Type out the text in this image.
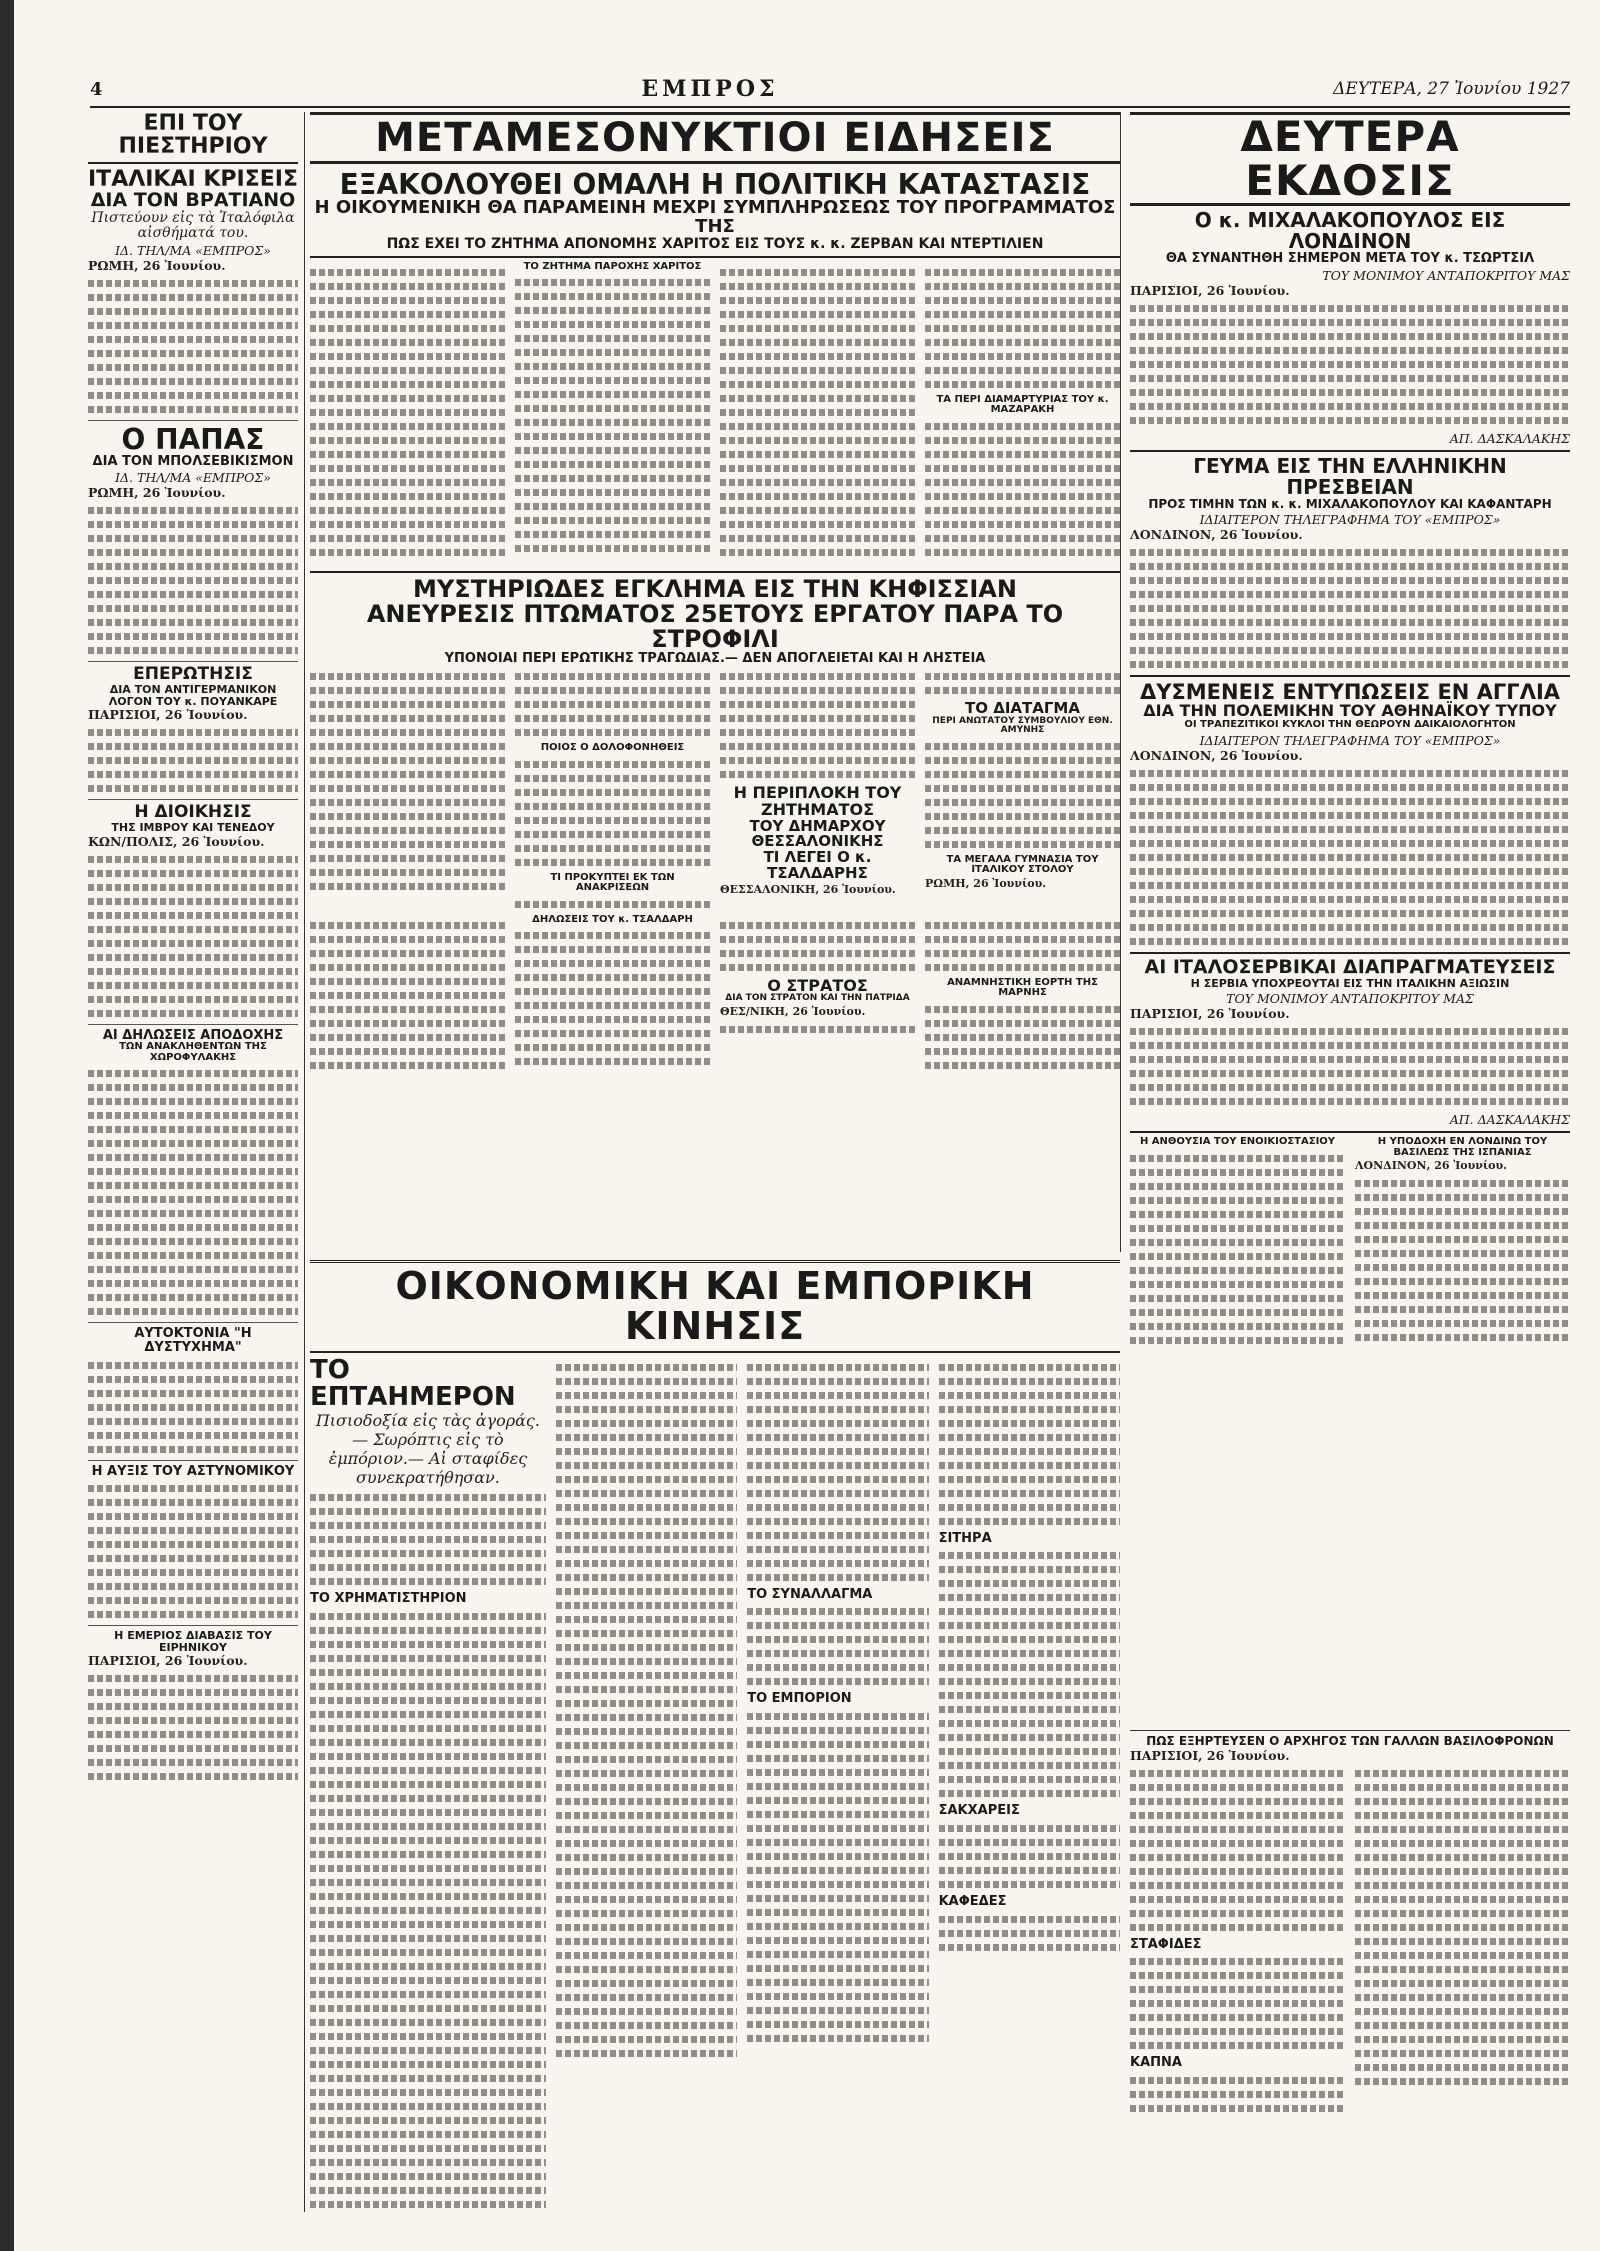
4	ΕΜΠΡΟΣ	ΔΕΥΤΕΡΑ, 27 Ἰουνίου 1927
ΕΠΙ ΤΟΥ ΠΙΕΣΤΗΡΙΟΥ
ΙΤΑΛΙΚΑΙ ΚΡΙΣΕΙΣ
ΔΙΑ ΤΟΝ ΒΡΑΤΙΑΝΟ
Πιστεύουν εἰς τὰ Ἰταλόφιλα αἰσθήματά του.
ΙΔ. ΤΗΛ/ΜΑ «ΕΜΠΡΟΣ»
ΡΩΜΗ, 26 Ἰουνίου.
Ο ΠΑΠΑΣ
ΔΙΑ ΤΟΝ ΜΠΟΛΣΕΒΙΚΙΣΜΟΝ
ΙΔ. ΤΗΛ/ΜΑ «ΕΜΠΡΟΣ»
ΡΩΜΗ, 26 Ἰουνίου.
ΕΠΕΡΩΤΗΣΙΣ
ΔΙΑ ΤΟΝ ΑΝΤΙΓΕΡΜΑΝΙΚΟΝ ΛΟΓΟΝ ΤΟΥ κ. ΠΟΥΑΝΚΑΡΕ
ΠΑΡΙΣΙΟΙ, 26 Ἰουνίου.
Η ΔΙΟΙΚΗΣΙΣ
ΤΗΣ ΙΜΒΡΟΥ ΚΑΙ ΤΕΝΕΔΟΥ
ΚΩΝ/ΠΟΛΙΣ, 26 Ἰουνίου.
ΑΙ ΔΗΛΩΣΕΙΣ ΑΠΟΔΟΧΗΣ
ΤΩΝ ΑΝΑΚΛΗΘΕΝΤΩΝ ΤΗΣ ΧΩΡΟΦΥΛΑΚΗΣ
ΑΥΤΟΚΤΟΝΙΑ "Η ΔΥΣΤΥΧΗΜΑ"
Η ΑΥΞΙΣ ΤΟΥ ΑΣΤΥΝΟΜΙΚΟΥ
Η ΕΜΕΡΙΟΣ ΔΙΑΒΑΣΙΣ ΤΟΥ ΕΙΡΗΝΙΚΟΥ
ΠΑΡΙΣΙΟΙ, 26 Ἰουνίου.
ΜΕΤΑΜΕΣΟΝΥΚΤΙΟΙ ΕΙΔΗΣΕΙΣ
ΕΞΑΚΟΛΟΥΘΕΙ ΟΜΑΛΗ Η ΠΟΛΙΤΙΚΗ ΚΑΤΑΣΤΑΣΙΣ
Η ΟΙΚΟΥΜΕΝΙΚΗ ΘΑ ΠΑΡΑΜΕΙΝΗ ΜΕΧΡΙ ΣΥΜΠΛΗΡΩΣΕΩΣ ΤΟΥ ΠΡΟΓΡΑΜΜΑΤΟΣ ΤΗΣ
ΠΩΣ ΕΧΕΙ ΤΟ ΖΗΤΗΜΑ ΑΠΟΝΟΜΗΣ ΧΑΡΙΤΟΣ ΕΙΣ ΤΟΥΣ κ. κ. ΖΕΡΒΑΝ ΚΑΙ ΝΤΕΡΤΙΛΙΕΝ
ΤΟ ΖΗΤΗΜΑ ΠΑΡΟΧΗΣ ΧΑΡΙΤΟΣ
ΤΑ ΠΕΡΙ ΔΙΑΜΑΡΤΥΡΙΑΣ ΤΟΥ κ. ΜΑΖΑΡΑΚΗ
ΜΥΣΤΗΡΙΩΔΕΣ ΕΓΚΛΗΜΑ ΕΙΣ ΤΗΝ ΚΗΦΙΣΣΙΑΝ
ΑΝΕΥΡΕΣΙΣ ΠΤΩΜΑΤΟΣ 25ΕΤΟΥΣ ΕΡΓΑΤΟΥ ΠΑΡΑ ΤΟ ΣΤΡΟΦΙΛΙ
ΥΠΟΝΟΙΑΙ ΠΕΡΙ ΕΡΩΤΙΚΗΣ ΤΡΑΓΩΔΙΑΣ.— ΔΕΝ ΑΠΟΓΛΕΙΕΤΑΙ ΚΑΙ Η ΛΗΣΤΕΙΑ
ΠΟΙΟΣ Ο ΔΟΛΟΦΟΝΗΘΕΙΣ
ΤΙ ΠΡΟΚΥΠΤΕΙ ΕΚ ΤΩΝ ΑΝΑΚΡΙΣΕΩΝ
Η ΠΕΡΙΠΛΟΚΗ ΤΟΥ ΖΗΤΗΜΑΤΟΣ
ΤΟΥ ΔΗΜΑΡΧΟΥ ΘΕΣΣΑΛΟΝΙΚΗΣ
ΤΙ ΛΕΓΕΙ Ο κ. ΤΣΑΛΔΑΡΗΣ
ΘΕΣΣΑΛΟΝΙΚΗ, 26 Ἰουνίου.
ΤΟ ΔΙΑΤΑΓΜΑ
ΠΕΡΙ ΑΝΩΤΑΤΟΥ ΣΥΜΒΟΥΛΙΟΥ ΕΘΝ. ΑΜΥΝΗΣ
ΤΑ ΜΕΓΑΛΑ ΓΥΜΝΑΣΙΑ ΤΟΥ ΙΤΑΛΙΚΟΥ ΣΤΟΛΟΥ
ΡΩΜΗ, 26 Ἰουνίου.
ΔΗΛΩΣΕΙΣ ΤΟΥ κ. ΤΣΑΛΔΑΡΗ
Ο ΣΤΡΑΤΟΣ
ΔΙΑ ΤΟΝ ΣΤΡΑΤΟΝ ΚΑΙ ΤΗΝ ΠΑΤΡΙΔΑ
ΘΕΣ/ΝΙΚΗ, 26 Ἰουνίου.
ΑΝΑΜΝΗΣΤΙΚΗ ΕΟΡΤΗ ΤΗΣ ΜΑΡΝΗΣ
ΔΕΥΤΕΡΑ ΕΚΔΟΣΙΣ
Ο κ. ΜΙΧΑΛΑΚΟΠΟΥΛΟΣ ΕΙΣ ΛΟΝΔΙΝΟΝ
ΘΑ ΣΥΝΑΝΤΗΘΗ ΣΗΜΕΡΟΝ ΜΕΤΑ ΤΟΥ κ. ΤΣΩΡΤΣΙΛ
ΤΟΥ ΜΟΝΙΜΟΥ ΑΝΤΑΠΟΚΡΙΤΟΥ ΜΑΣ
ΠΑΡΙΣΙΟΙ, 26 Ἰουνίου.
ΑΠ. ΔΑΣΚΑΛΑΚΗΣ
ΓΕΥΜΑ ΕΙΣ ΤΗΝ ΕΛΛΗΝΙΚΗΝ ΠΡΕΣΒΕΙΑΝ
ΠΡΟΣ ΤΙΜΗΝ ΤΩΝ κ. κ. ΜΙΧΑΛΑΚΟΠΟΥΛΟΥ ΚΑΙ ΚΑΦΑΝΤΑΡΗ
ΙΔΙΑΙΤΕΡΟΝ ΤΗΛΕΓΡΑΦΗΜΑ ΤΟΥ «ΕΜΠΡΟΣ»
ΛΟΝΔΙΝΟΝ, 26 Ἰουνίου.
ΔΥΣΜΕΝΕΙΣ ΕΝΤΥΠΩΣΕΙΣ ΕΝ ΑΓΓΛΙΑ
ΔΙΑ ΤΗΝ ΠΟΛΕΜΙΚΗΝ ΤΟΥ ΑΘΗΝΑΪΚΟΥ ΤΥΠΟΥ
ΟΙ ΤΡΑΠΕΖΙΤΙΚΟΙ ΚΥΚΛΟΙ ΤΗΝ ΘΕΩΡΟΥΝ ΔΑΙΚΑΙΟΛΟΓΗΤΟΝ
ΙΔΙΑΙΤΕΡΟΝ ΤΗΛΕΓΡΑΦΗΜΑ ΤΟΥ «ΕΜΠΡΟΣ»
ΛΟΝΔΙΝΟΝ, 26 Ἰουνίου.
ΑΙ ΙΤΑΛΟΣΕΡΒΙΚΑΙ ΔΙΑΠΡΑΓΜΑΤΕΥΣΕΙΣ
Η ΣΕΡΒΙΑ ΥΠΟΧΡΕΟΥΤΑΙ ΕΙΣ ΤΗΝ ΙΤΑΛΙΚΗΝ ΑΞΙΩΣΙΝ
ΤΟΥ ΜΟΝΙΜΟΥ ΑΝΤΑΠΟΚΡΙΤΟΥ ΜΑΣ
ΠΑΡΙΣΙΟΙ, 26 Ἰουνίου.
ΑΠ. ΔΑΣΚΑΛΑΚΗΣ
Η ΑΝΘΟΥΣΙΑ ΤΟΥ ΕΝΟΙΚΙΟΣΤΑΣΙΟΥ	Η ΥΠΟΔΟΧΗ ΕΝ ΛΟΝΔΙΝΩ ΤΟΥ ΒΑΣΙΛΕΩΣ ΤΗΣ ΙΣΠΑΝΙΑΣ
ΛΟΝΔΙΝΟΝ, 26 Ἰουνίου.
ΟΙΚΟΝΟΜΙΚΗ ΚΑΙ ΕΜΠΟΡΙΚΗ ΚΙΝΗΣΙΣ
ΤΟ ΕΠΤΑΗΜΕΡΟΝ
Πισιοδοξία εἰς τὰς ἀγοράς.— Σωρόπτις εἰς τὸ ἐμπόριον.— Αἱ σταφίδες συνεκρατήθησαν.
ΤΟ ΧΡΗΜΑΤΙΣΤΗΡΙΟΝ	ΤΟ ΣΥΝΑΛΛΑΓΜΑ
ΤΟ ΕΜΠΟΡΙΟΝ
ΣΙΤΗΡΑ
ΣΑΚΧΑΡΕΙΣ
ΚΑΦΕΔΕΣ
ΠΩΣ ΕΞΗΡΤΕΥΣΕΝ Ο ΑΡΧΗΓΟΣ ΤΩΝ ΓΑΛΛΩΝ ΒΑΣΙΛΟΦΡΟΝΩΝ
ΠΑΡΙΣΙΟΙ, 26 Ἰουνίου.
ΣΤΑΦΙΔΕΣ
ΚΑΠΝΑ
